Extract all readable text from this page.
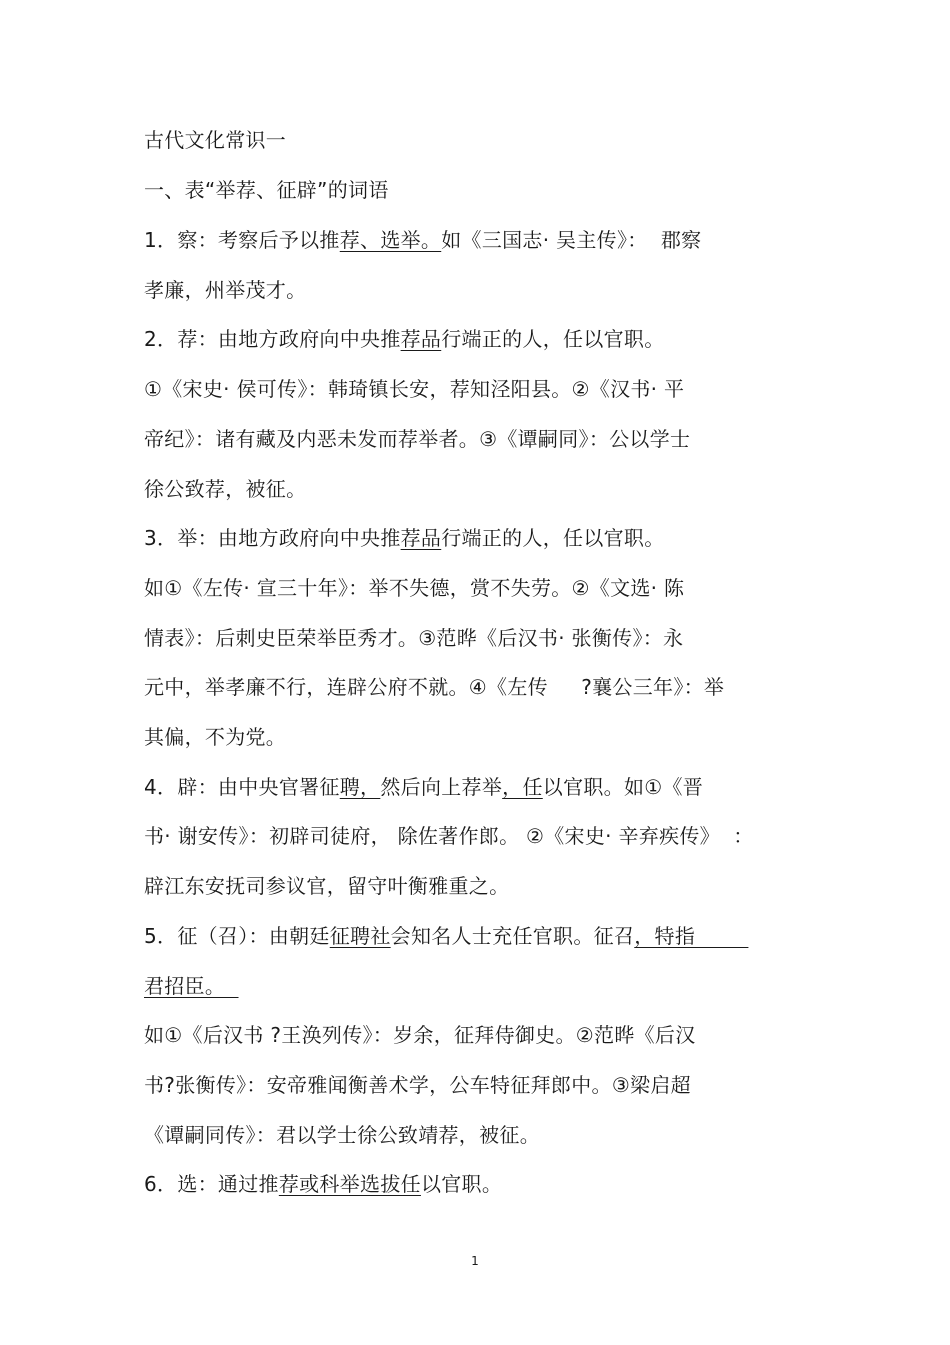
古代文化常识一
一、表“举荐、征辟”的词语
1．察：考察后予以推荐、选举。如《三国志· 吴主传》：  郡察
孝廉，州举茂才。
2．荐：由地方政府向中央推荐品行端正的人，任以官职。
①《宋史· 侯可传》：韩琦镇长安，荐知泾阳县。②《汉书· 平
帝纪》：诸有藏及内恶未发而荐举者。③《谭嗣同》：公以学士
徐公致荐，被征。
3．举：由地方政府向中央推荐品行端正的人，任以官职。
如①《左传· 宣三十年》：举不失德，赏不失劳。②《文选· 陈
情表》：后刺史臣荣举臣秀才。③范晔《后汉书· 张衡传》：永
元中，举孝廉不行，连辟公府不就。④《左传     ?襄公三年》：举
其偏，不为党。
4．辟：由中央官署征聘，然后向上荐举，任以官职。如①《晋
书· 谢安传》：初辟司徒府， 除佐著作郎。 ②《宋史· 辛弃疾传》  ：
辟江东安抚司参议官，留守叶衡雅重之。
5．征（召）：由朝廷征聘社会知名人士充任官职。征召，特指
君招臣。
如①《后汉书 ?王涣列传》：岁余，征拜侍御史。②范晔《后汉
书?张衡传》：安帝雅闻衡善术学，公车特征拜郎中。③梁启超
《谭嗣同传》：君以学士徐公致靖荐，被征。
6．选：通过推荐或科举选拔任以官职。
1
